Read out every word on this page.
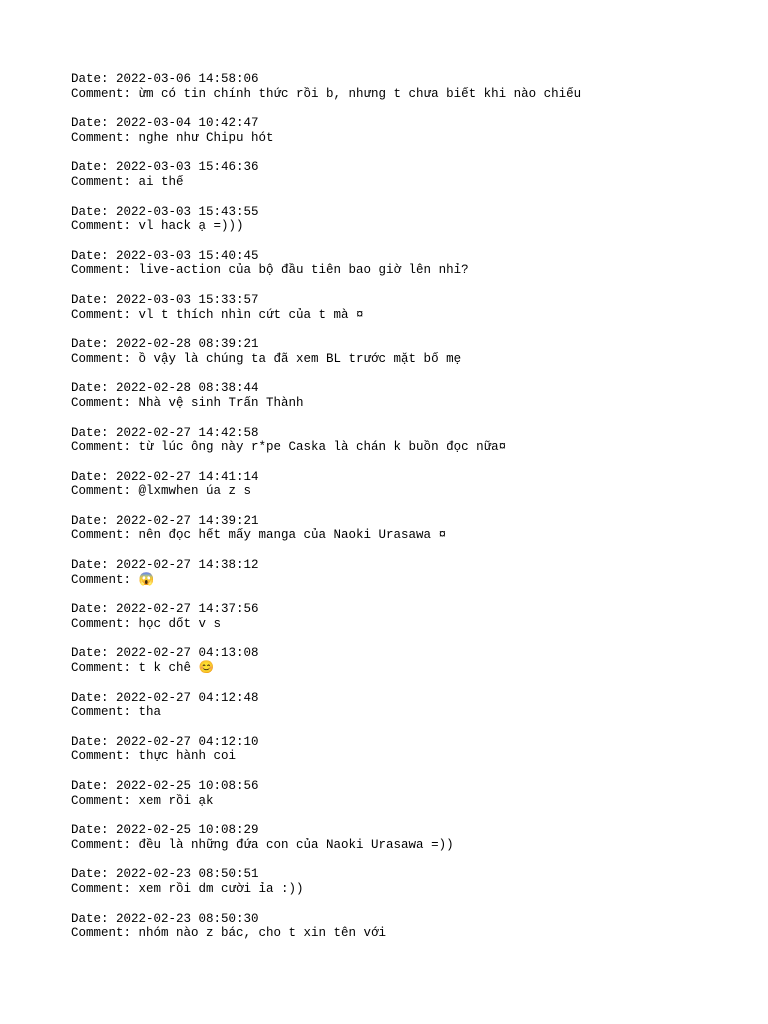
Date: 2022-03-06 14:58:06
Comment: ừm có tin chính thức rồi b, nhưng t chưa biết khi nào chiếu
Date: 2022-03-04 10:42:47
Comment: nghe như Chipu hót
Date: 2022-03-03 15:46:36
Comment: ai thế
Date: 2022-03-03 15:43:55
Comment: vl hack ạ =)))
Date: 2022-03-03 15:40:45
Comment: live-action của bộ đầu tiên bao giờ lên nhỉ?
Date: 2022-03-03 15:33:57
Comment: vl t thích nhìn cứt của t mà ¤
Date: 2022-02-28 08:39:21
Comment: ồ vậy là chúng ta đã xem BL trước mặt bố mẹ
Date: 2022-02-28 08:38:44
Comment: Nhà vệ sinh Trấn Thành
Date: 2022-02-27 14:42:58
Comment: từ lúc ông này r*pe Caska là chán k buồn đọc nữa¤
Date: 2022-02-27 14:41:14
Comment: @lxmwhen úa z s
Date: 2022-02-27 14:39:21
Comment: nên đọc hết mấy manga của Naoki Urasawa ¤
Date: 2022-02-27 14:38:12
Comment: 😱
Date: 2022-02-27 14:37:56
Comment: học dốt v s
Date: 2022-02-27 04:13:08
Comment: t k chê 😊
Date: 2022-02-27 04:12:48
Comment: tha
Date: 2022-02-27 04:12:10
Comment: thực hành coi
Date: 2022-02-25 10:08:56
Comment: xem rồi ạk
Date: 2022-02-25 10:08:29
Comment: đều là những đứa con của Naoki Urasawa =))
Date: 2022-02-23 08:50:51
Comment: xem rồi dm cười ỉa :))
Date: 2022-02-23 08:50:30
Comment: nhóm nào z bác, cho t xin tên với
